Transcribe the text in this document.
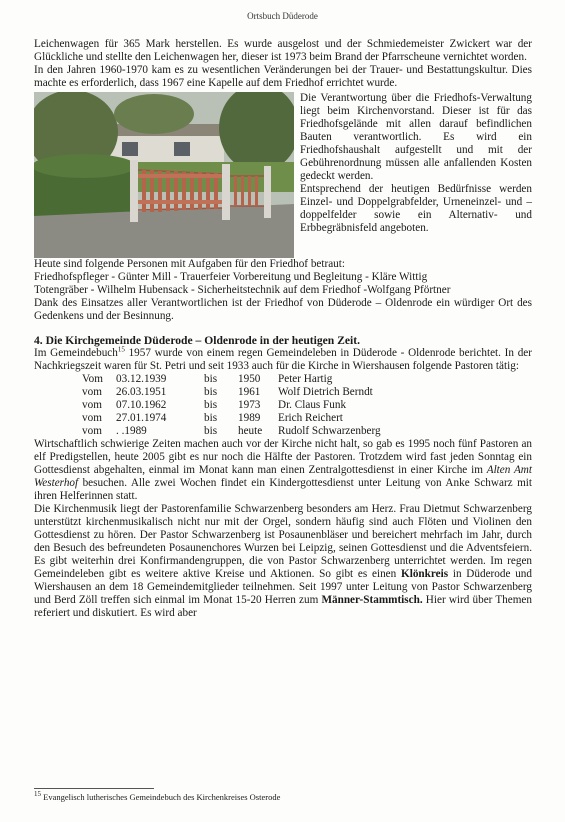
Ortsbuch Düderode

Leichenwagen für 365 Mark herstellen. Es wurde ausgelost und der Schmiedemeister Zwickert war der Glückliche und stellte den Leichenwagen her, dieser ist 1973 beim Brand der Pfarrscheune vernichtet worden.

In den Jahren 1960-1970 kam es zu wesentlichen Veränderungen bei der Trauer- und Bestattungskultur. Dies machte es erforderlich, dass 1967 eine Kapelle auf dem Friedhof errichtet wurde.

Die Verantwortung über die Friedhofs-Verwaltung liegt beim Kirchenvorstand. Dieser ist für das Friedhofsgelände mit allen darauf befindlichen Bauten verantwortlich. Es wird ein Friedhofshaushalt aufgestellt und mit der Gebührenordnung müssen alle anfallenden Kosten gedeckt werden.

Entsprechend der heutigen Bedürfnisse werden Einzel- und Doppelgrabfelder, Urneneinzel- und –doppelfelder sowie ein Alternativ- und Erbbegräbnisfeld angeboten.

Heute sind folgende Personen mit Aufgaben für den Friedhof betraut:

Friedhofspfleger - Günter Mill - Trauerfeier Vorbereitung und Begleitung - Kläre Wittig

Totengräber - Wilhelm Hubensack - Sicherheitstechnik auf dem Friedhof -Wolfgang Pförtner

Dank des Einsatzes aller Verantwortlichen ist der Friedhof von Düderode – Oldenrode ein würdiger Ort des Gedenkens und der Besinnung.

4. Die Kirchgemeinde Düderode – Oldenrode in der heutigen Zeit.

Im Gemeindebuch$^{15}$ 1957 wurde von einem regen Gemeindeleben in Düderode - Oldenrode berichtet. In der Nachkriegszeit waren für St. Petri und seit 1933 auch für die Kirche in Wiershausen folgende Pastoren tätig:

Vom	03.12.1939	bis	1950	Peter Hartig
vom	26.03.1951	bis	1961	Wolf Dietrich Berndt
vom	07.10.1962	bis	1973	Dr. Claus Funk
vom	27.01.1974	bis	1989	Erich Reichert
vom	. .1989	bis	heute	Rudolf Schwarzenberg

Wirtschaftlich schwierige Zeiten machen auch vor der Kirche nicht halt, so gab es 1995 noch fünf Pastoren an elf Predigstellen, heute 2005 gibt es nur noch die Hälfte der Pastoren. Trotzdem wird fast jeden Sonntag ein Gottesdienst abgehalten, einmal im Monat kann man einen Zentralgottesdienst in einer Kirche im Alten Amt Westerhof besuchen. Alle zwei Wochen findet ein Kindergottesdienst unter Leitung von Anke Schwarz mit ihren Helferinnen statt.

Die Kirchenmusik liegt der Pastorenfamilie Schwarzenberg besonders am Herz. Frau Dietmut Schwarzenberg unterstützt kirchenmusikalisch nicht nur mit der Orgel, sondern häufig sind auch Flöten und Violinen den Gottesdienst zu hören. Der Pastor Schwarzenberg ist Posaunenbläser und bereichert mehrfach im Jahr, durch den Besuch des befreundeten Posaunenchores Wurzen bei Leipzig, seinen Gottesdienst und die Adventsfeiern. Es gibt weiterhin drei Konfirmandengruppen, die von Pastor Schwarzenberg unterrichtet werden. Im regen Gemeindeleben gibt es weitere aktive Kreise und Aktionen. So gibt es einen Klönkreis in Düderode und Wiershausen an dem 18 Gemeindemitglieder teilnehmen. Seit 1997 unter Leitung von Pastor Schwarzenberg und Berd Zöll treffen sich einmal im Monat 15-20 Herren zum Männer-Stammtisch. Hier wird über Themen referiert und diskutiert. Es wird aber

$^{15}$ Evangelisch lutherisches Gemeindebuch des Kirchenkreises Osterode
